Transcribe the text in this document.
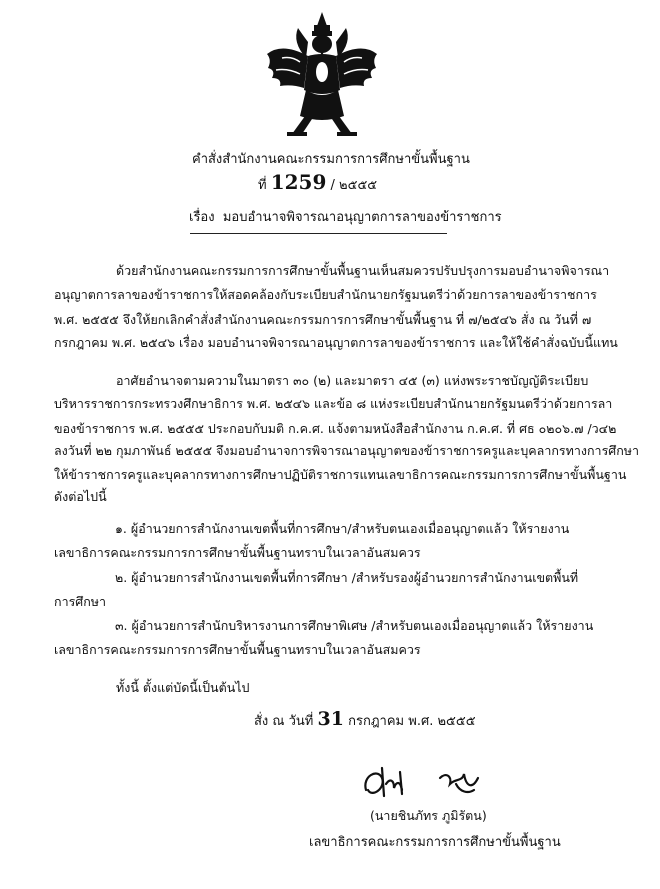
คำสั่งสำนักงานคณะกรรมการการศึกษาขั้นพื้นฐาน
ที่ 1259 / ๒๕๕๕
เรื่อง มอบอำนาจพิจารณาอนุญาตการลาของข้าราชการ
ด้วยสำนักงานคณะกรรมการการศึกษาขั้นพื้นฐานเห็นสมควรปรับปรุงการมอบอำนาจพิจารณา
อนุญาตการลาของข้าราชการให้สอดคล้องกับระเบียบสำนักนายกรัฐมนตรีว่าด้วยการลาของข้าราชการ
พ.ศ. ๒๕๕๕ จึงให้ยกเลิกคำสั่งสำนักงานคณะกรรมการการศึกษาขั้นพื้นฐาน ที่ ๗/๒๕๔๖ สั่ง ณ วันที่ ๗
กรกฎาคม พ.ศ. ๒๕๔๖ เรื่อง มอบอำนาจพิจารณาอนุญาตการลาของข้าราชการ และให้ใช้คำสั่งฉบับนี้แทน
อาศัยอำนาจตามความในมาตรา ๓๐ (๒) และมาตรา ๔๕ (๓) แห่งพระราชบัญญัติระเบียบ
บริหารราชการกระทรวงศึกษาธิการ พ.ศ. ๒๕๔๖ และข้อ ๘ แห่งระเบียบสำนักนายกรัฐมนตรีว่าด้วยการลา
ของข้าราชการ พ.ศ. ๒๕๕๕ ประกอบกับมติ ก.ค.ศ. แจ้งตามหนังสือสำนักงาน ก.ค.ศ. ที่ ศธ ๐๒๐๖.๗ /ว๔๒
ลงวันที่ ๒๒ กุมภาพันธ์ ๒๕๕๕ จึงมอบอำนาจการพิจารณาอนุญาตของข้าราชการครูและบุคลากรทางการศึกษา
ให้ข้าราชการครูและบุคลากรทางการศึกษาปฏิบัติราชการแทนเลขาธิการคณะกรรมการการศึกษาขั้นพื้นฐาน
ดังต่อไปนี้
๑. ผู้อำนวยการสำนักงานเขตพื้นที่การศึกษา/สำหรับตนเองเมื่ออนุญาตแล้ว ให้รายงาน
เลขาธิการคณะกรรมการการศึกษาขั้นพื้นฐานทราบในเวลาอันสมควร
๒. ผู้อำนวยการสำนักงานเขตพื้นที่การศึกษา /สำหรับรองผู้อำนวยการสำนักงานเขตพื้นที่
การศึกษา
๓. ผู้อำนวยการสำนักบริหารงานการศึกษาพิเศษ /สำหรับตนเองเมื่ออนุญาตแล้ว ให้รายงาน
เลขาธิการคณะกรรมการการศึกษาขั้นพื้นฐานทราบในเวลาอันสมควร
ทั้งนี้ ตั้งแต่บัดนี้เป็นต้นไป
สั่ง ณ วันที่ 31 กรกฎาคม พ.ศ. ๒๕๕๕
(นายชินภัทร ภูมิรัตน)
เลขาธิการคณะกรรมการการศึกษาขั้นพื้นฐาน
